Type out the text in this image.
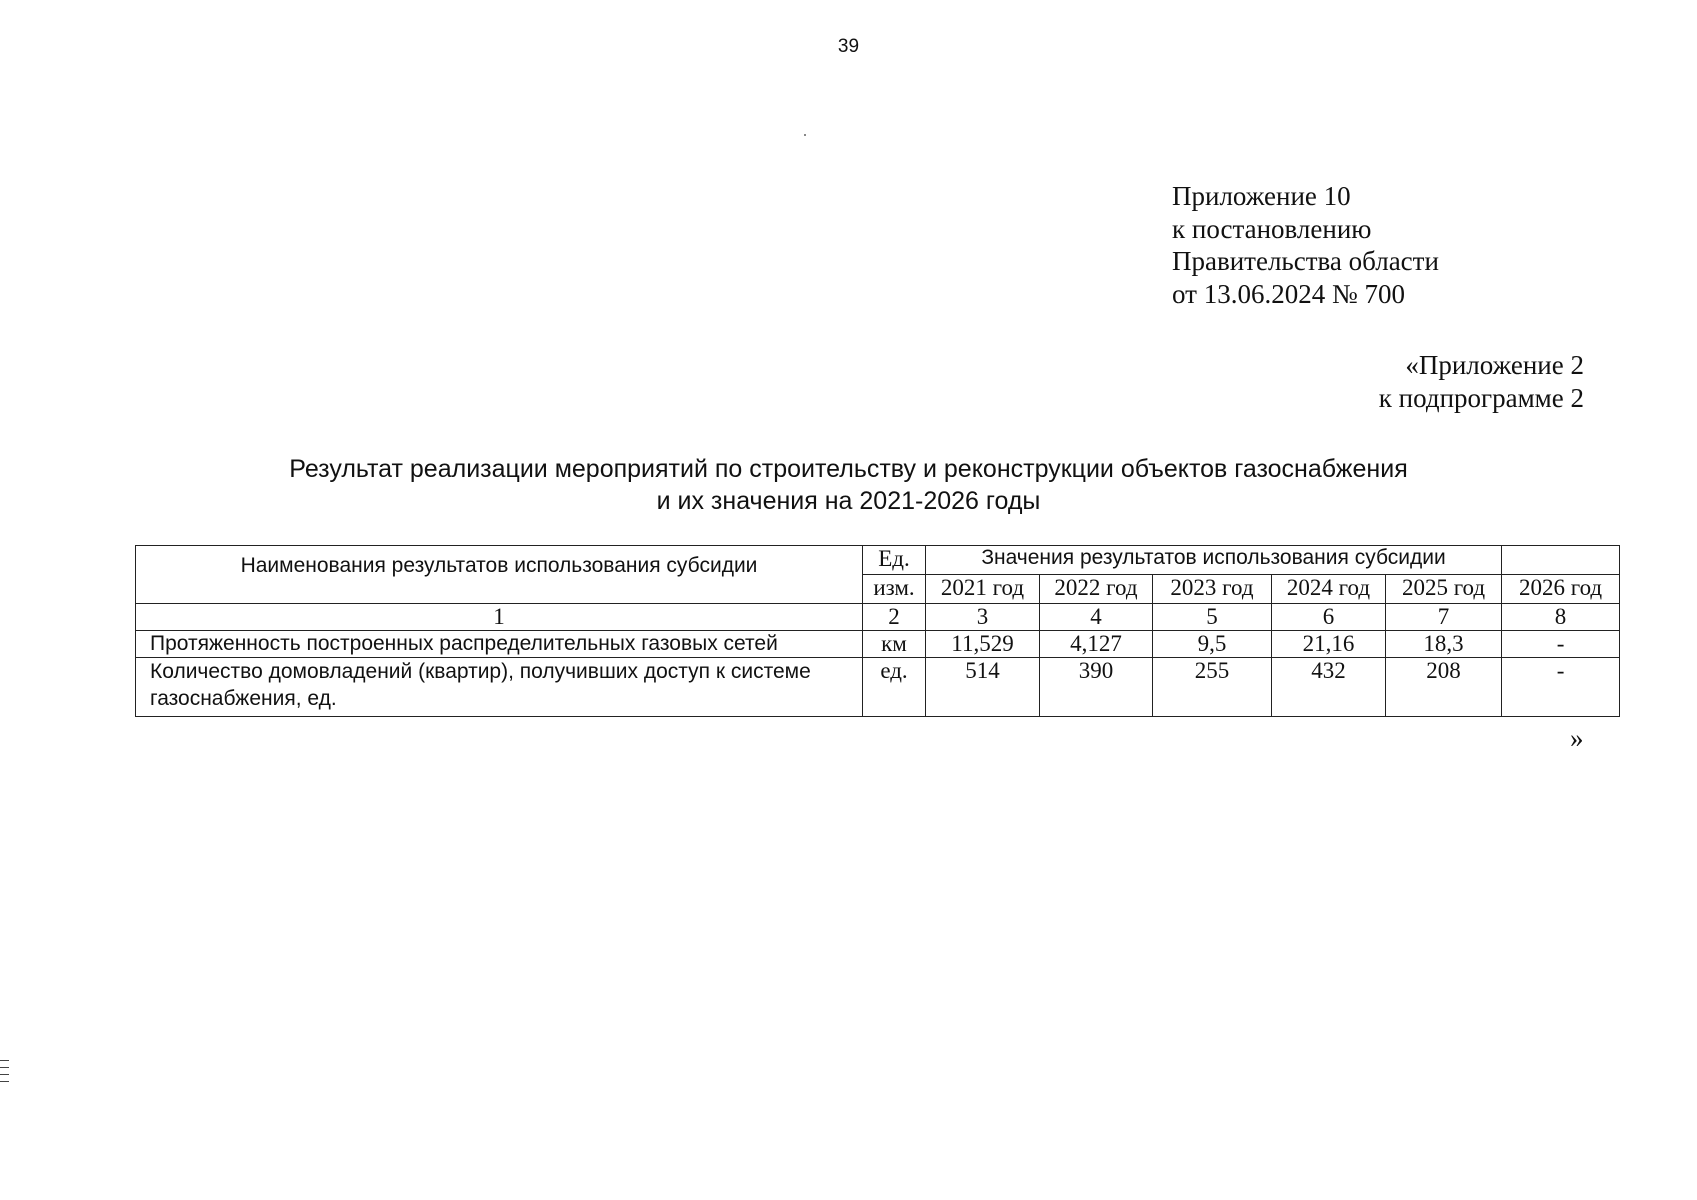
39
Приложение 10
к постановлению
Правительства области
от 13.06.2024 № 700
«Приложение 2
к подпрограмме 2
Результат реализации мероприятий по строительству и реконструкции объектов газоснабжения
и их значения на 2021-2026 годы
Наименования результатов использования субсидии	Ед.	Значения результатов использования субсидии					
	изм.	2021 год	2022 год	2023 год	2024 год	2025 год	2026 год
1	2	3	4	5	6	7	8
Протяженность построенных распределительных газовых сетей	км	11,529	4,127	9,5	21,16	18,3	-
Количество домовладений (квартир), получивших доступ к системе газоснабжения, ед.	ед.	514	390	255	432	208	-
»
